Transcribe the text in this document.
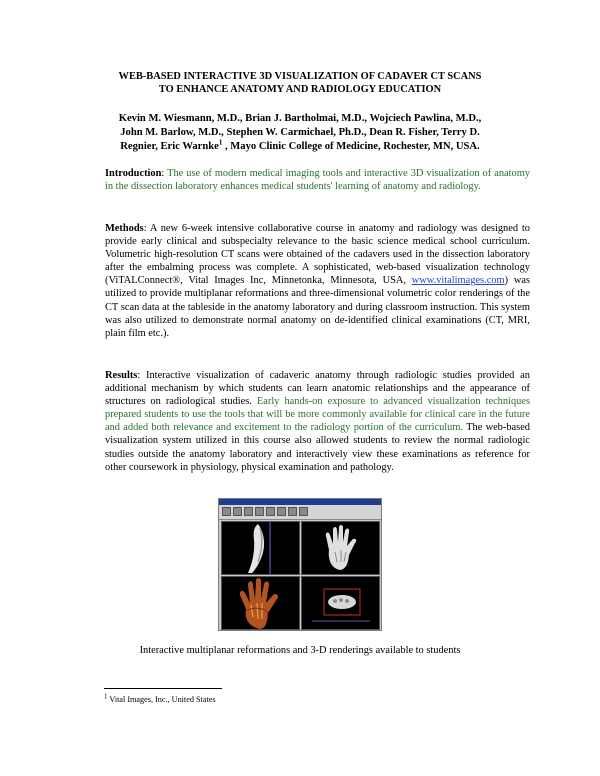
WEB-BASED INTERACTIVE 3D VISUALIZATION OF CADAVER CT SCANS
TO ENHANCE ANATOMY AND RADIOLOGY EDUCATION
Kevin M. Wiesmann, M.D., Brian J. Bartholmai, M.D., Wojciech Pawlina, M.D.,
John M. Barlow, M.D., Stephen W. Carmichael, Ph.D., Dean R. Fisher, Terry D.
Regnier, Eric Warnke$^1$ , Mayo Clinic College of Medicine, Rochester, MN, USA.
Introduction: The use of modern medical imaging tools and interactive 3D visualization of anatomy in the dissection laboratory enhances medical students' learning of anatomy and radiology.
Methods: A new 6-week intensive collaborative course in anatomy and radiology was designed to provide early clinical and subspecialty relevance to the basic science medical school curriculum. Volumetric high-resolution CT scans were obtained of the cadavers used in the dissection laboratory after the embalming process was complete. A sophisticated, web-based visualization technology (ViTALConnect®, Vital Images Inc, Minnetonka, Minnesota, USA, www.vitalimages.com) was utilized to provide multiplanar reformations and three-dimensional volumetric color renderings of the CT scan data at the tableside in the anatomy laboratory and during classroom instruction. This system was also utilized to demonstrate normal anatomy on de-identified clinical examinations (CT, MRI, plain film etc.).
Results: Interactive visualization of cadaveric anatomy through radiologic studies provided an additional mechanism by which students can learn anatomic relationships and the appearance of structures on radiological studies. Early hands-on exposure to advanced visualization techniques prepared students to use the tools that will be more commonly available for clinical care in the future and added both relevance and excitement to the radiology portion of the curriculum. The web-based visualization system utilized in this course also allowed students to review the normal radiologic studies outside the anatomy laboratory and interactively view these examinations as reference for other coursework in physiology, physical examination and pathology.
Interactive multiplanar reformations and 3-D renderings available to students
$^1$ Vital Images, Inc., United States
